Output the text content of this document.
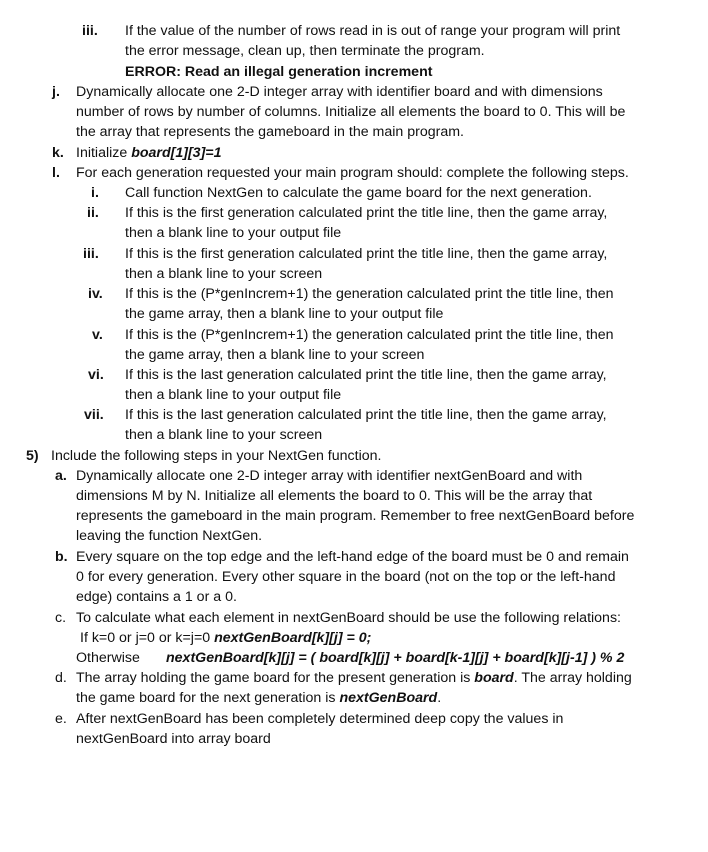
iii. If the value of the number of rows read in is out of range your program will print
the error message, clean up, then terminate the program.
ERROR: Read an illegal generation increment
j. Dynamically allocate one 2-D integer array with identifier board and with dimensions
number of rows by number of columns. Initialize all elements the board to 0. This will be
the array that represents the gameboard in the main program.
k. Initialize board[1][3]=1
l. For each generation requested your main program should: complete the following steps.
i. Call function NextGen to calculate the game board for the next generation.
ii. If this is the first generation calculated print the title line, then the game array,
then a blank line to your output file
iii. If this is the first generation calculated print the title line, then the game array,
then a blank line to your screen
iv. If this is the (P*genIncrem+1) the generation calculated print the title line, then
the game array, then a blank line to your output file
v. If this is the (P*genIncrem+1) the generation calculated print the title line, then
the game array, then a blank line to your screen
vi. If this is the last generation calculated print the title line, then the game array,
then a blank line to your output file
vii. If this is the last generation calculated print the title line, then the game array,
then a blank line to your screen
5) Include the following steps in your NextGen function.
a. Dynamically allocate one 2-D integer array with identifier nextGenBoard and with
dimensions M by N. Initialize all elements the board to 0. This will be the array that
represents the gameboard in the main program. Remember to free nextGenBoard before
leaving the function NextGen.
b. Every square on the top edge and the left-hand edge of the board must be 0 and remain
0 for every generation. Every other square in the board (not on the top or the left-hand
edge) contains a 1 or a 0.
c. To calculate what each element in nextGenBoard should be use the following relations:
If k=0 or j=0 or k=j=0 nextGenBoard[k][j] = 0;
Otherwise nextGenBoard[k][j] = ( board[k][j] + board[k-1][j] + board[k][j-1] ) % 2
d. The array holding the game board for the present generation is board. The array holding
the game board for the next generation is nextGenBoard.
e. After nextGenBoard has been completely determined deep copy the values in
nextGenBoard into array board
